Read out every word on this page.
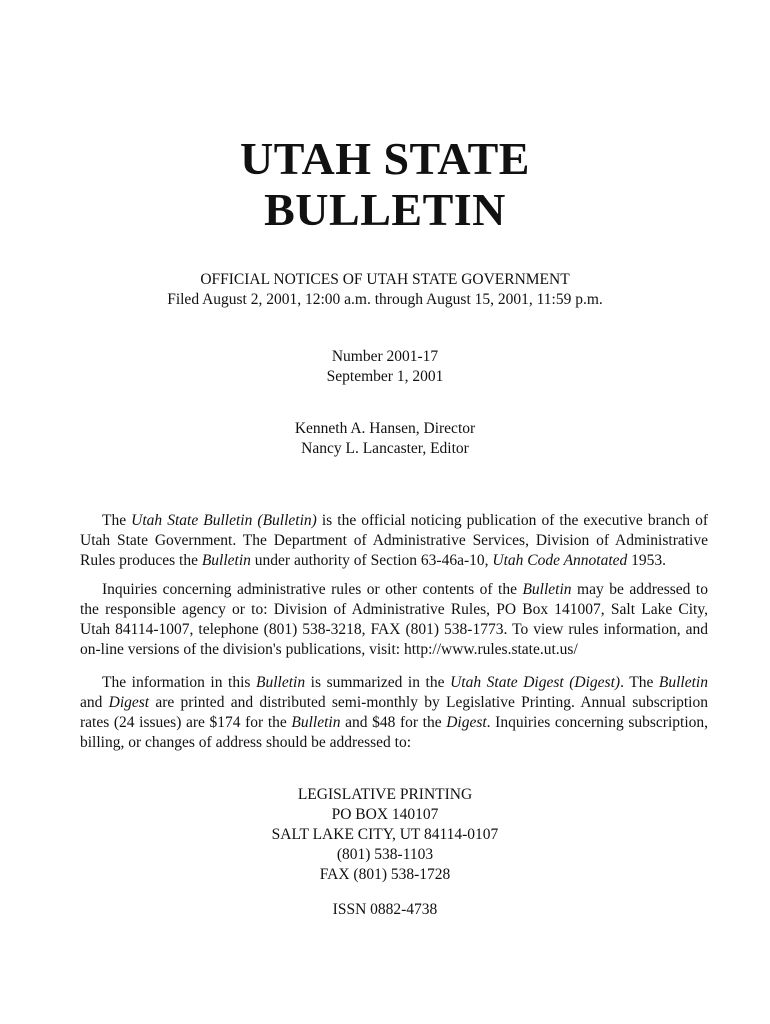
UTAH STATE
BULLETIN
OFFICIAL NOTICES OF UTAH STATE GOVERNMENT
Filed August 2, 2001, 12:00 a.m. through August 15, 2001, 11:59 p.m.
Number 2001-17
September 1, 2001
Kenneth A. Hansen, Director
Nancy L. Lancaster, Editor
The Utah State Bulletin (Bulletin) is the official noticing publication of the executive branch of Utah State Government. The Department of Administrative Services, Division of Administrative Rules produces the Bulletin under authority of Section 63-46a-10, Utah Code Annotated 1953.
Inquiries concerning administrative rules or other contents of the Bulletin may be addressed to the responsible agency or to: Division of Administrative Rules, PO Box 141007, Salt Lake City, Utah 84114-1007, telephone (801) 538-3218, FAX (801) 538-1773. To view rules information, and on-line versions of the division's publications, visit: http://www.rules.state.ut.us/
The information in this Bulletin is summarized in the Utah State Digest (Digest). The Bulletin and Digest are printed and distributed semi-monthly by Legislative Printing. Annual subscription rates (24 issues) are $174 for the Bulletin and $48 for the Digest. Inquiries concerning subscription, billing, or changes of address should be addressed to:
LEGISLATIVE PRINTING
PO BOX 140107
SALT LAKE CITY, UT 84114-0107
(801) 538-1103
FAX (801) 538-1728
ISSN 0882-4738
